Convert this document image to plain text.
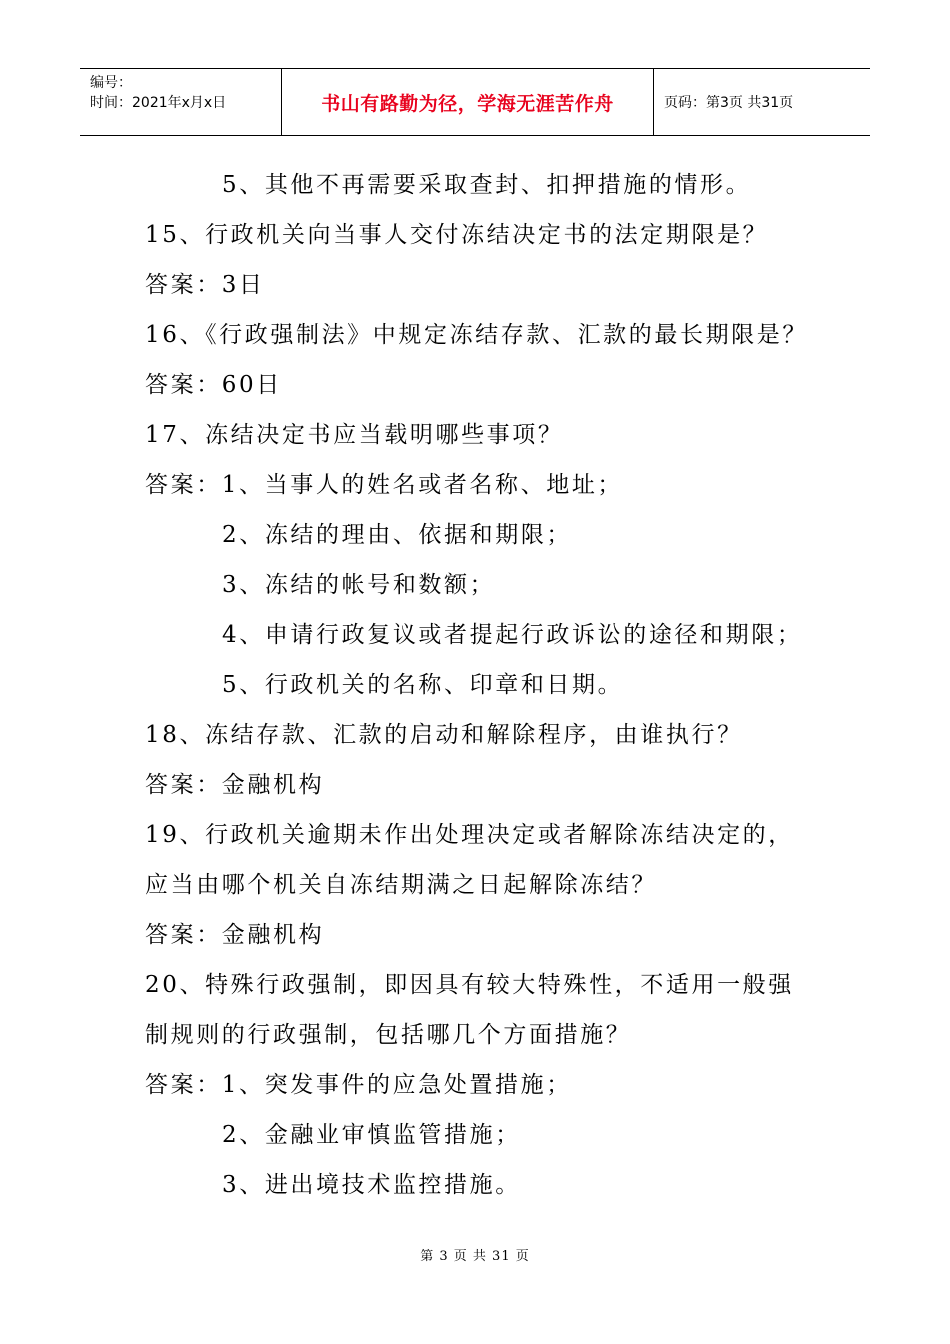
编号：
时间：2021年x月x日	书山有路勤为径，学海无涯苦作舟	页码：第3页 共31页
5、其他不再需要采取查封、扣押措施的情形。
15、行政机关向当事人交付冻结决定书的法定期限是？
答案：3日
16、《行政强制法》中规定冻结存款、汇款的最长期限是？
答案：60日
17、冻结决定书应当载明哪些事项？
答案：1、当事人的姓名或者名称、地址；
2、冻结的理由、依据和期限；
3、冻结的帐号和数额；
4、申请行政复议或者提起行政诉讼的途径和期限；
5、行政机关的名称、印章和日期。
18、冻结存款、汇款的启动和解除程序，由谁执行？
答案：金融机构
19、行政机关逾期未作出处理决定或者解除冻结决定的，
应当由哪个机关自冻结期满之日起解除冻结？
答案：金融机构
20、特殊行政强制，即因具有较大特殊性，不适用一般强
制规则的行政强制，包括哪几个方面措施？
答案：1、突发事件的应急处置措施；
2、金融业审慎监管措施；
3、进出境技术监控措施。
第 3 页 共 31 页
